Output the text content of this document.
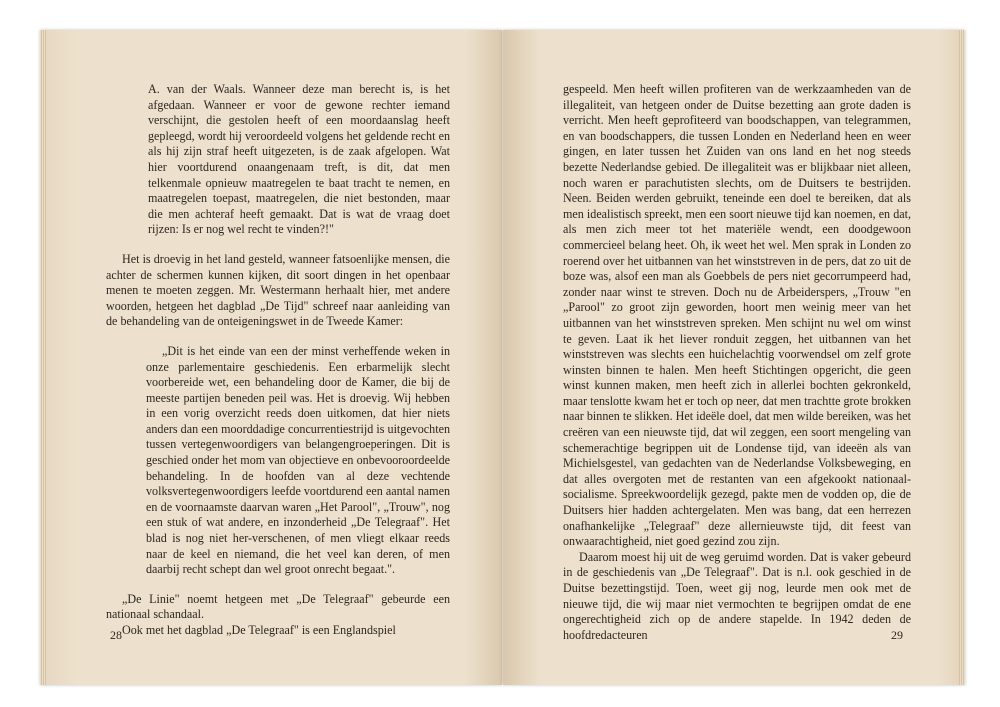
A. van der Waals. Wanneer deze man berecht is, is het afgedaan. Wanneer er voor de gewone rechter iemand verschijnt, die gestolen heeft of een moordaanslag heeft gepleegd, wordt hij veroordeeld volgens het geldende recht en als hij zijn straf heeft uitgezeten, is de zaak afgelopen. Wat hier voortdurend onaangenaam treft, is dit, dat men telkenmale opnieuw maatregelen te baat tracht te nemen, en maatregelen toepast, maatregelen, die niet bestonden, maar die men achteraf heeft gemaakt. Dat is wat de vraag doet rijzen: Is er nog wel recht te vinden?!"

Het is droevig in het land gesteld, wanneer fatsoenlijke mensen, die achter de schermen kunnen kijken, dit soort dingen in het openbaar menen te moeten zeggen. Mr. Westermann herhaalt hier, met andere woorden, hetgeen het dagblad „De Tijd" schreef naar aanleiding van de behandeling van de onteigeningswet in de Tweede Kamer:

„Dit is het einde van een der minst verheffende weken in onze parlementaire geschiedenis. Een erbarmelijk slecht voorbereide wet, een behandeling door de Kamer, die bij de meeste partijen beneden peil was. Het is droevig. Wij hebben in een vorig overzicht reeds doen uitkomen, dat hier niets anders dan een moorddadige concurrentiestrijd is uitgevochten tussen vertegenwoordigers van belangengroeperingen. Dit is geschied onder het mom van objectieve en onbevooroordeelde behandeling. In de hoofden van al deze vechtende volksvertegenwoordigers leefde voortdurend een aantal namen en de voornaamste daarvan waren „Het Parool", „Trouw", nog een stuk of wat andere, en inzonderheid „De Telegraaf". Het blad is nog niet her-verschenen, of men vliegt elkaar reeds naar de keel en niemand, die het veel kan deren, of men daarbij recht schept dan wel groot onrecht begaat.".

„De Linie" noemt hetgeen met „De Telegraaf" gebeurde een nationaal schandaal.

Ook met het dagblad „De Telegraaf" is een Englandspiel

28

gespeeld. Men heeft willen profiteren van de werkzaamheden van de illegaliteit, van hetgeen onder de Duitse bezetting aan grote daden is verricht. Men heeft geprofiteerd van boodschappen, van telegrammen, en van boodschappers, die tussen Londen en Nederland heen en weer gingen, en later tussen het Zuiden van ons land en het nog steeds bezette Nederlandse gebied. De illegaliteit was er blijkbaar niet alleen, noch waren er parachutisten slechts, om de Duitsers te bestrijden. Neen. Beiden werden gebruikt, teneinde een doel te bereiken, dat als men idealistisch spreekt, men een soort nieuwe tijd kan noemen, en dat, als men zich meer tot het materiële wendt, een doodgewoon commercieel belang heet. Oh, ik weet het wel. Men sprak in Londen zo roerend over het uitbannen van het winststreven in de pers, dat zo uit de boze was, alsof een man als Goebbels de pers niet gecorrumpeerd had, zonder naar winst te streven. Doch nu de Arbeiderspers, „Trouw "en „Parool" zo groot zijn geworden, hoort men weinig meer van het uitbannen van het winststreven spreken. Men schijnt nu wel om winst te geven. Laat ik het liever ronduit zeggen, het uitbannen van het winststreven was slechts een huichelachtig voorwendsel om zelf grote winsten binnen te halen. Men heeft Stichtingen opgericht, die geen winst kunnen maken, men heeft zich in allerlei bochten gekronkeld, maar tenslotte kwam het er toch op neer, dat men trachtte grote brokken naar binnen te slikken. Het ideële doel, dat men wilde bereiken, was het creëren van een nieuwste tijd, dat wil zeggen, een soort mengeling van schemerachtige begrippen uit de Londense tijd, van ideeën als van Michielsgestel, van gedachten van de Nederlandse Volksbeweging, en dat alles overgoten met de restanten van een afgekookt nationaal-socialisme. Spreekwoordelijk gezegd, pakte men de vodden op, die de Duitsers hier hadden achtergelaten. Men was bang, dat een herrezen onafhankelijke „Telegraaf" deze allernieuwste tijd, dit feest van onwaarachtigheid, niet goed gezind zou zijn.

Daarom moest hij uit de weg geruimd worden. Dat is vaker gebeurd in de geschiedenis van „De Telegraaf". Dat is n.l. ook geschied in de Duitse bezettingstijd. Toen, weet gij nog, leurde men ook met de nieuwe tijd, die wij maar niet vermochten te begrijpen omdat de ene ongerechtigheid zich op de andere stapelde. In 1942 deden de hoofdredacteuren	29
